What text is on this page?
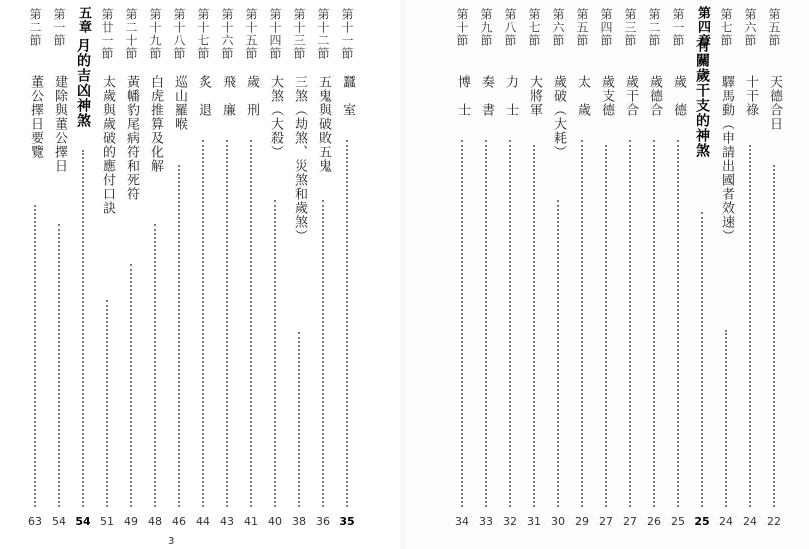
第十一節
蠶　室
35
第十二節
五鬼與破敗五鬼
36
第十三節
三煞（劫煞、災煞和歲煞）
38
第十四節
大煞（大殺）
40
第十五節
歲　刑
41
第十六節
飛　廉
43
第十七節
炙　退
44
第十八節
巡山羅喉
46
第十九節
白虎推算及化解
48
第二十節
黃幡豹尾病符和死符
49
第廿一節
太歲與歲破的應付口訣
51
五章
月的吉凶神煞
54
第一節
建除與董公擇日
54
第二節
董公擇日要覽
63
3
第五節
天德合日
22
第六節
十干祿
24
第七節
驛馬動（申請出國者效速）
24
第四章
有關歲干支的神煞
25
第一節
歲　德
25
第二節
歲德合
26
第三節
歲干合
27
第四節
歲支德
27
第五節
太　歲
29
第六節
歲破（大耗）
30
第七節
大將軍
31
第八節
力　士
32
第九節
奏　書
33
第十節
博　士
34
